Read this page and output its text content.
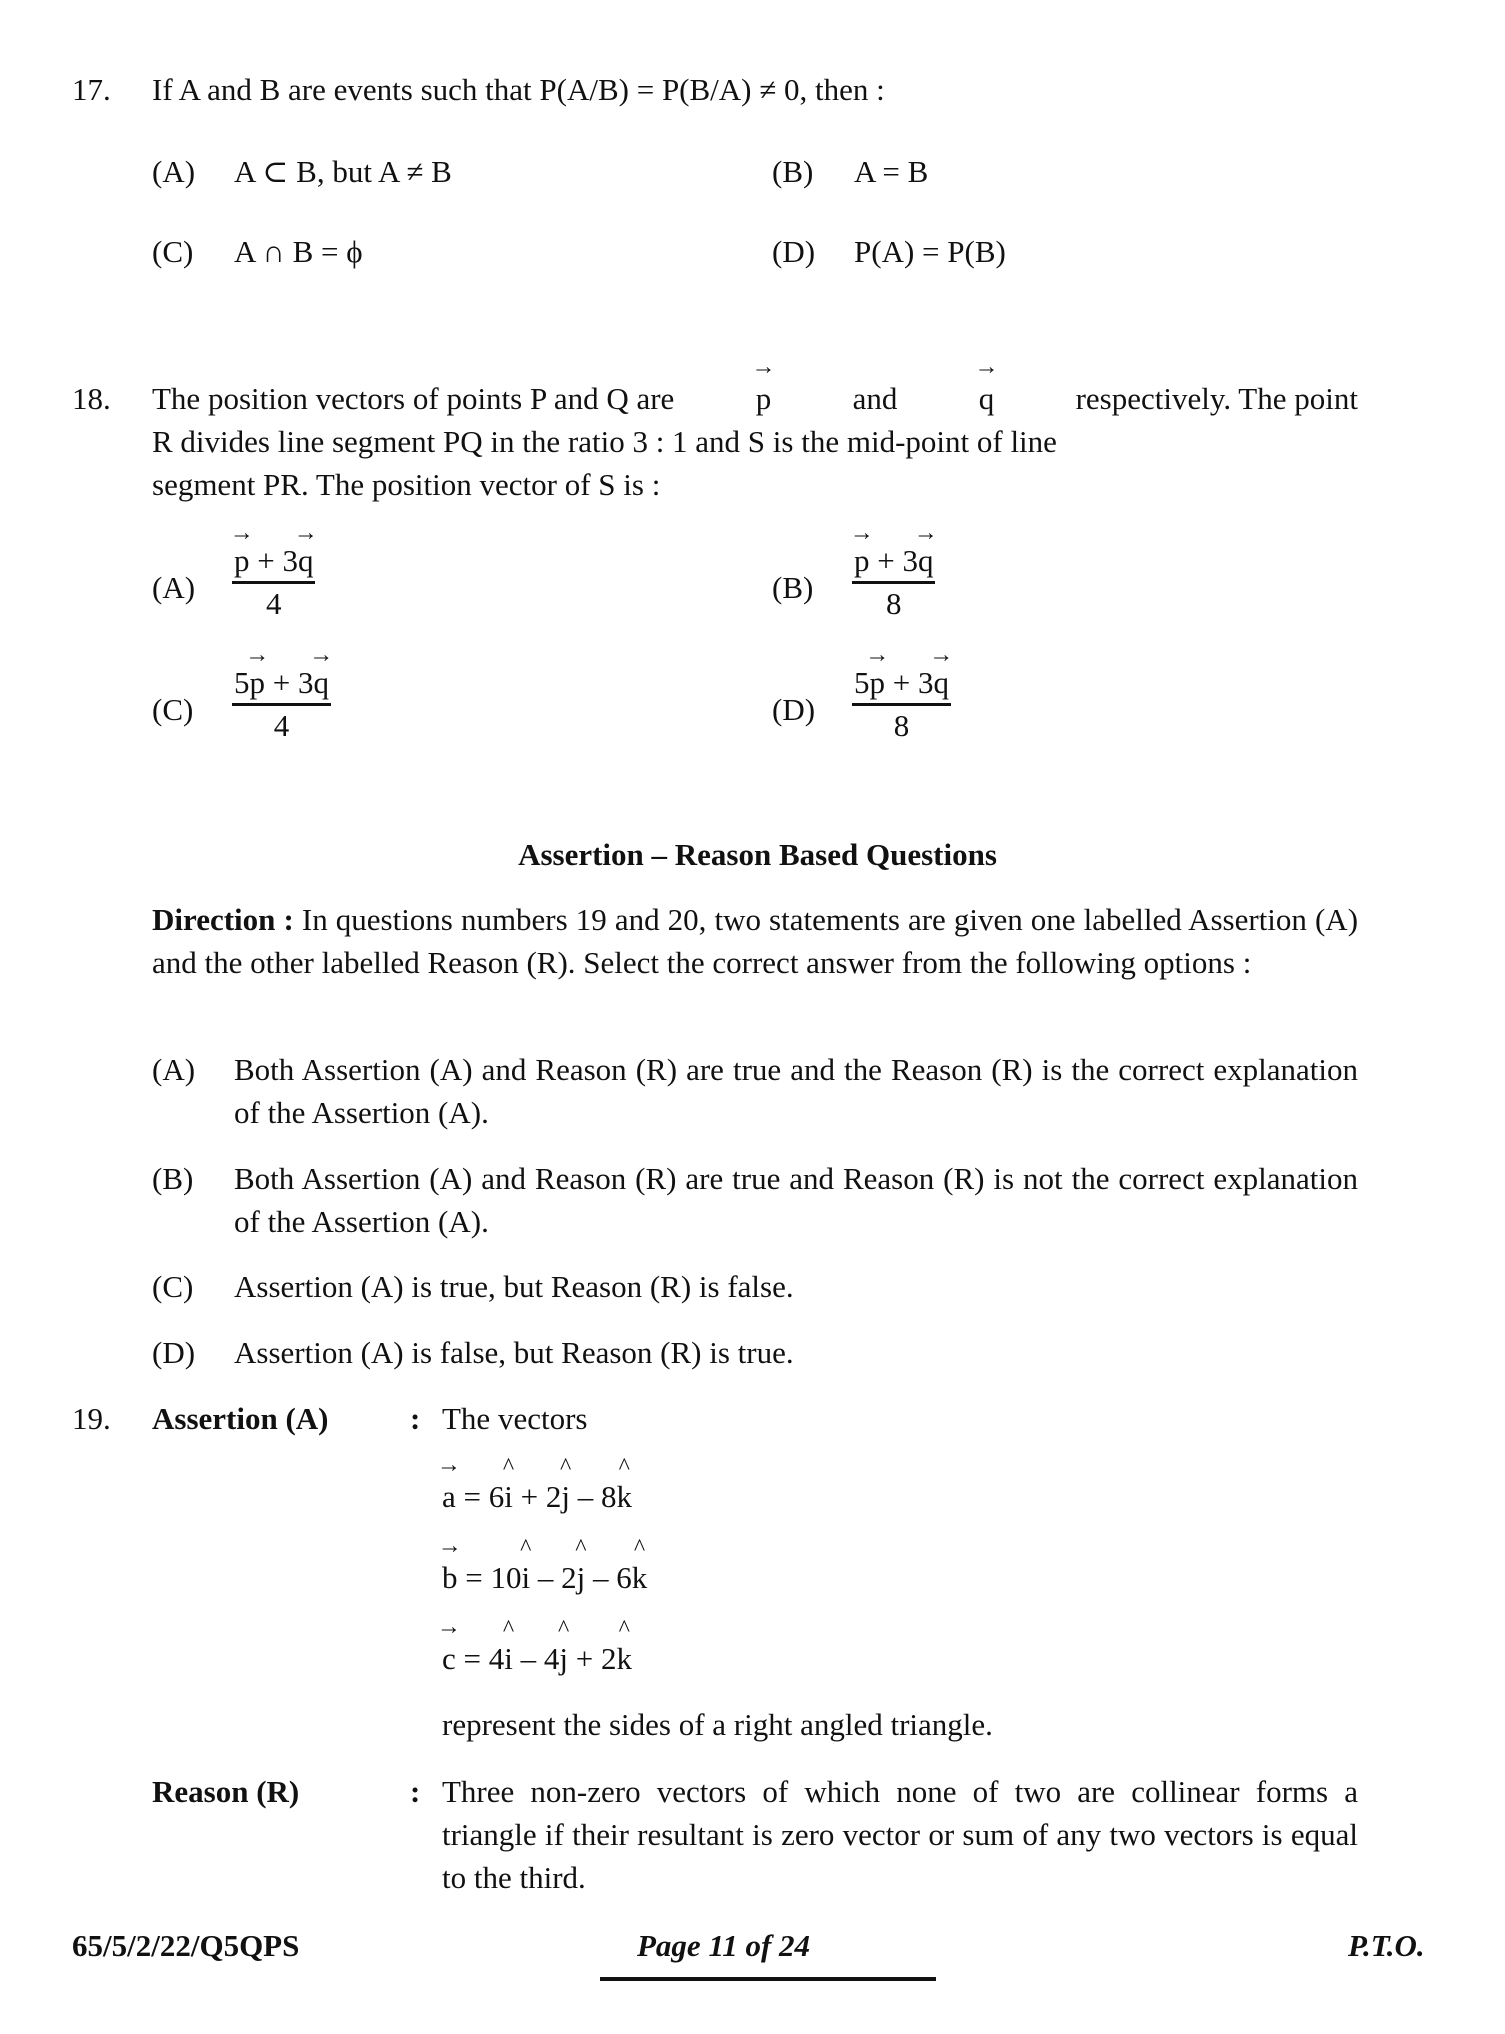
17. If A and B are events such that P(A/B) = P(B/A) ≠ 0, then :
(A) A ⊂ B, but A ≠ B	(B) A = B
(C) A ∩ B = ϕ	(D) P(A) = P(B)
18. The position vectors of points P and Q are	→ p	and	→ q	respectively. The point
R divides line segment PQ in the ratio 3 : 1 and S is the mid-point of line
segment PR. The position vector of S is :
$(A) \to \frac{p + 3\to q}{4}$	$(B) \to \frac{p + 3\to q}{8}$
$(C) \frac{5\to p + 3\to q}{4}$	$(D) \frac{5\to p + 3\to q}{8}$
Assertion – Reason Based Questions
Direction : In questions numbers 19 and 20, two statements are given one labelled Assertion (A) and the other labelled Reason (R). Select the correct answer from the following options :
(A) Both Assertion (A) and Reason (R) are true and the Reason (R) is the correct explanation of the Assertion (A).
(B) Both Assertion (A) and Reason (R) are true and Reason (R) is not the correct explanation of the Assertion (A).
(C) Assertion (A) is true, but Reason (R) is false.
(D) Assertion (A) is false, but Reason (R) is true.
19. Assertion (A)	: The vectors
→ a = 6^ i + 2^ j – 8^ k
→ b = 10^ i – 2^ j – 6^ k
→ c = 4^ i – 4^ j + 2^ k
represent the sides of a right angled triangle.
Reason (R)	: Three non-zero vectors of which none of two are collinear forms a triangle if their resultant is zero vector or sum of any two vectors is equal to the third.
65/5/2/22/Q5QPS	Page 11 of 24	P.T.O.
